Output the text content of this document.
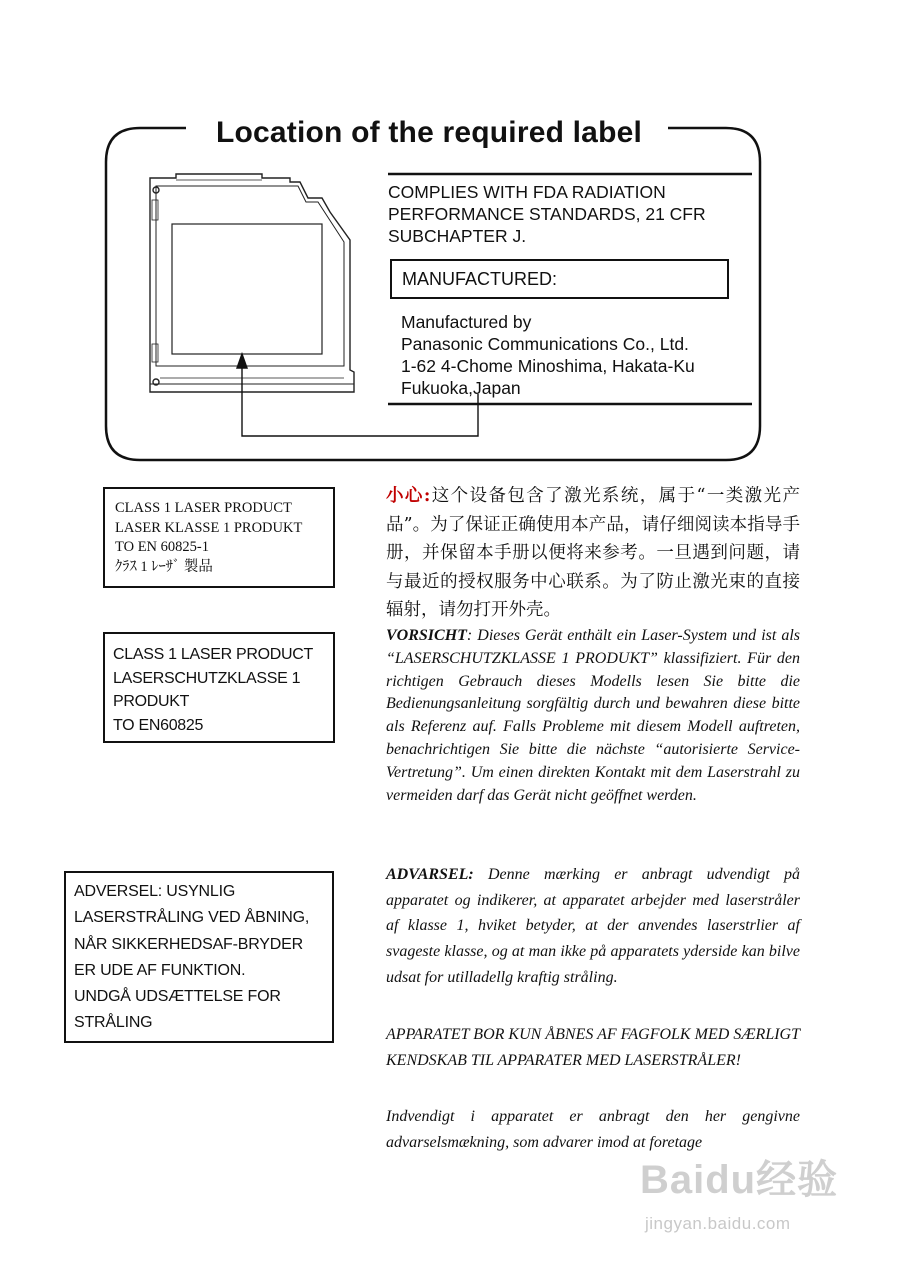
Location of the required label
COMPLIES WITH FDA RADIATION
PERFORMANCE STANDARDS, 21 CFR
SUBCHAPTER J.
MANUFACTURED:
Manufactured by
Panasonic Communications Co., Ltd.
1-62 4-Chome Minoshima, Hakata-Ku
Fukuoka,Japan
CLASS 1 LASER PRODUCT
LASER KLASSE 1 PRODUKT
TO EN 60825-1
ｸﾗｽ 1 ﾚｰｻﾞ 製品
CLASS 1 LASER PRODUCT
LASERSCHUTZKLASSE 1
PRODUKT
TO EN60825
ADVERSEL: USYNLIG
LASERSTRÅLING VED ÅBNING,
NÅR SIKKERHEDSAF-BRYDER
ER UDE AF FUNKTION.
UNDGÅ UDSÆTTELSE FOR
STRÅLING
小心:这个设备包含了激光系统，属于“一类激光产品”。为了保证正确使用本产品，请仔细阅读本指导手册，并保留本手册以便将来参考。一旦遇到问题，请与最近的授权服务中心联系。为了防止激光束的直接辐射，请勿打开外壳。
VORSICHT: Dieses Gerät enthält ein Laser-System und ist als “LASERSCHUTZKLASSE 1 PRODUKT” klassifiziert. Für den richtigen Gebrauch dieses Modells lesen Sie bitte die Bedienungsanleitung sorgfältig durch und bewahren diese bitte als Referenz auf. Falls Probleme mit diesem Modell auftreten, benachrichtigen Sie bitte die nächste “autorisierte Service-Vertretung”. Um einen direkten Kontakt mit dem Laserstrahl zu vermeiden darf das Gerät nicht geöffnet werden.
ADVARSEL: Denne mærking er anbragt udvendigt på apparatet og indikerer, at apparatet arbejder med laserstråler af klasse 1, hviket betyder, at der anvendes laserstrlier af svageste klasse, og at man ikke på apparatets yderside kan bilve udsat for utilladellg kraftig stråling.
APPARATET BOR KUN ÅBNES AF FAGFOLK MED SÆRLIGT KENDSKAB TIL APPARATER MED LASERSTRÅLER!
Indvendigt i apparatet er anbragt den her gengivne advarselsmækning, som advarer imod at foretage
Baidu经验
jingyan.baidu.com
